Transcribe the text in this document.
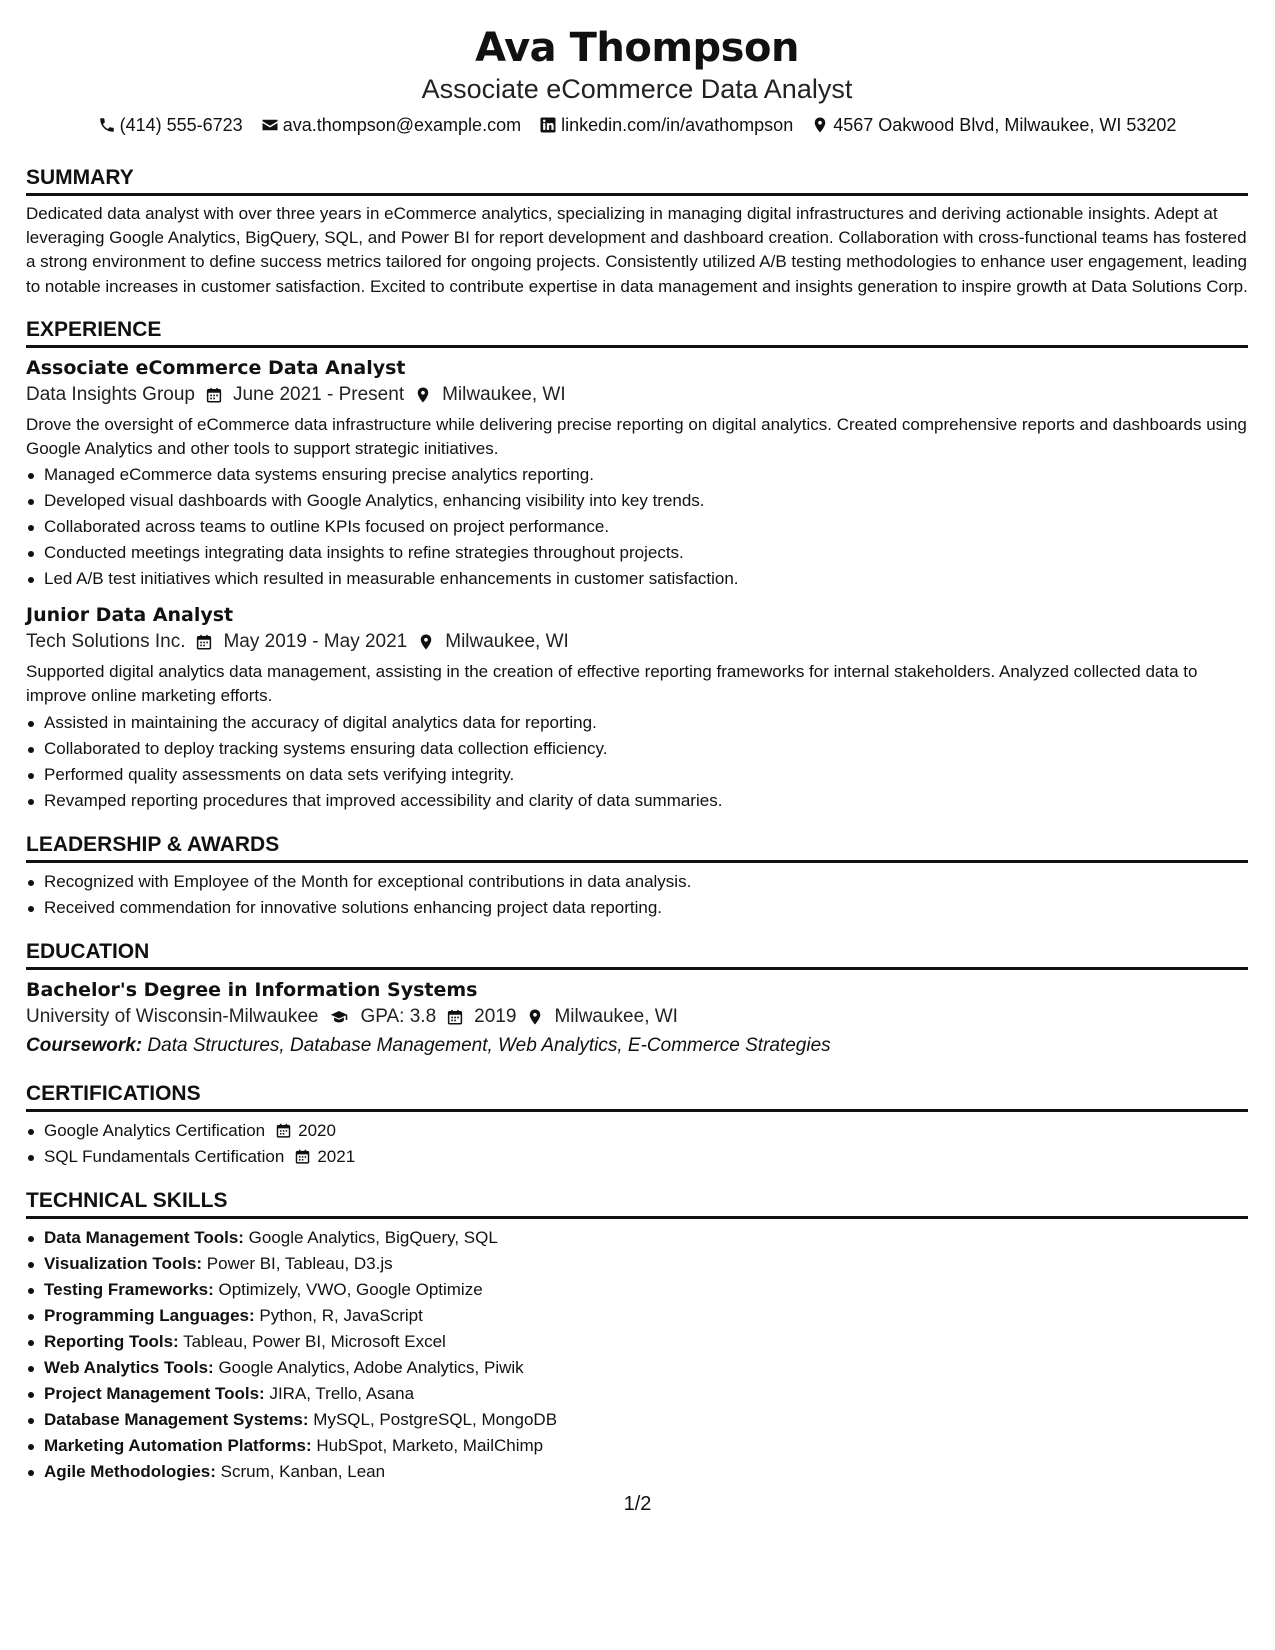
Ava Thompson
Associate eCommerce Data Analyst
(414) 555-6723 ava.thompson@example.com linkedin.com/in/avathompson 4567 Oakwood Blvd, Milwaukee, WI 53202
SUMMARY
Dedicated data analyst with over three years in eCommerce analytics, specializing in managing digital infrastructures and deriving actionable insights. Adept at leveraging Google Analytics, BigQuery, SQL, and Power BI for report development and dashboard creation. Collaboration with cross-functional teams has fostered a strong environment to define success metrics tailored for ongoing projects. Consistently utilized A/B testing methodologies to enhance user engagement, leading to notable increases in customer satisfaction. Excited to contribute expertise in data management and insights generation to inspire growth at Data Solutions Corp.
EXPERIENCE
Associate eCommerce Data Analyst
Data Insights Group June 2021 - Present Milwaukee, WI
Drove the oversight of eCommerce data infrastructure while delivering precise reporting on digital analytics. Created comprehensive reports and dashboards using Google Analytics and other tools to support strategic initiatives.
Managed eCommerce data systems ensuring precise analytics reporting.
Developed visual dashboards with Google Analytics, enhancing visibility into key trends.
Collaborated across teams to outline KPIs focused on project performance.
Conducted meetings integrating data insights to refine strategies throughout projects.
Led A/B test initiatives which resulted in measurable enhancements in customer satisfaction.
Junior Data Analyst
Tech Solutions Inc. May 2019 - May 2021 Milwaukee, WI
Supported digital analytics data management, assisting in the creation of effective reporting frameworks for internal stakeholders. Analyzed collected data to improve online marketing efforts.
Assisted in maintaining the accuracy of digital analytics data for reporting.
Collaborated to deploy tracking systems ensuring data collection efficiency.
Performed quality assessments on data sets verifying integrity.
Revamped reporting procedures that improved accessibility and clarity of data summaries.
LEADERSHIP & AWARDS
Recognized with Employee of the Month for exceptional contributions in data analysis.
Received commendation for innovative solutions enhancing project data reporting.
EDUCATION
Bachelor's Degree in Information Systems
University of Wisconsin-Milwaukee GPA: 3.8 2019 Milwaukee, WI
Coursework: Data Structures, Database Management, Web Analytics, E-Commerce Strategies
CERTIFICATIONS
Google Analytics Certification 2020
SQL Fundamentals Certification 2021
TECHNICAL SKILLS
Data Management Tools: Google Analytics, BigQuery, SQL
Visualization Tools: Power BI, Tableau, D3.js
Testing Frameworks: Optimizely, VWO, Google Optimize
Programming Languages: Python, R, JavaScript
Reporting Tools: Tableau, Power BI, Microsoft Excel
Web Analytics Tools: Google Analytics, Adobe Analytics, Piwik
Project Management Tools: JIRA, Trello, Asana
Database Management Systems: MySQL, PostgreSQL, MongoDB
Marketing Automation Platforms: HubSpot, Marketo, MailChimp
Agile Methodologies: Scrum, Kanban, Lean
1/2
